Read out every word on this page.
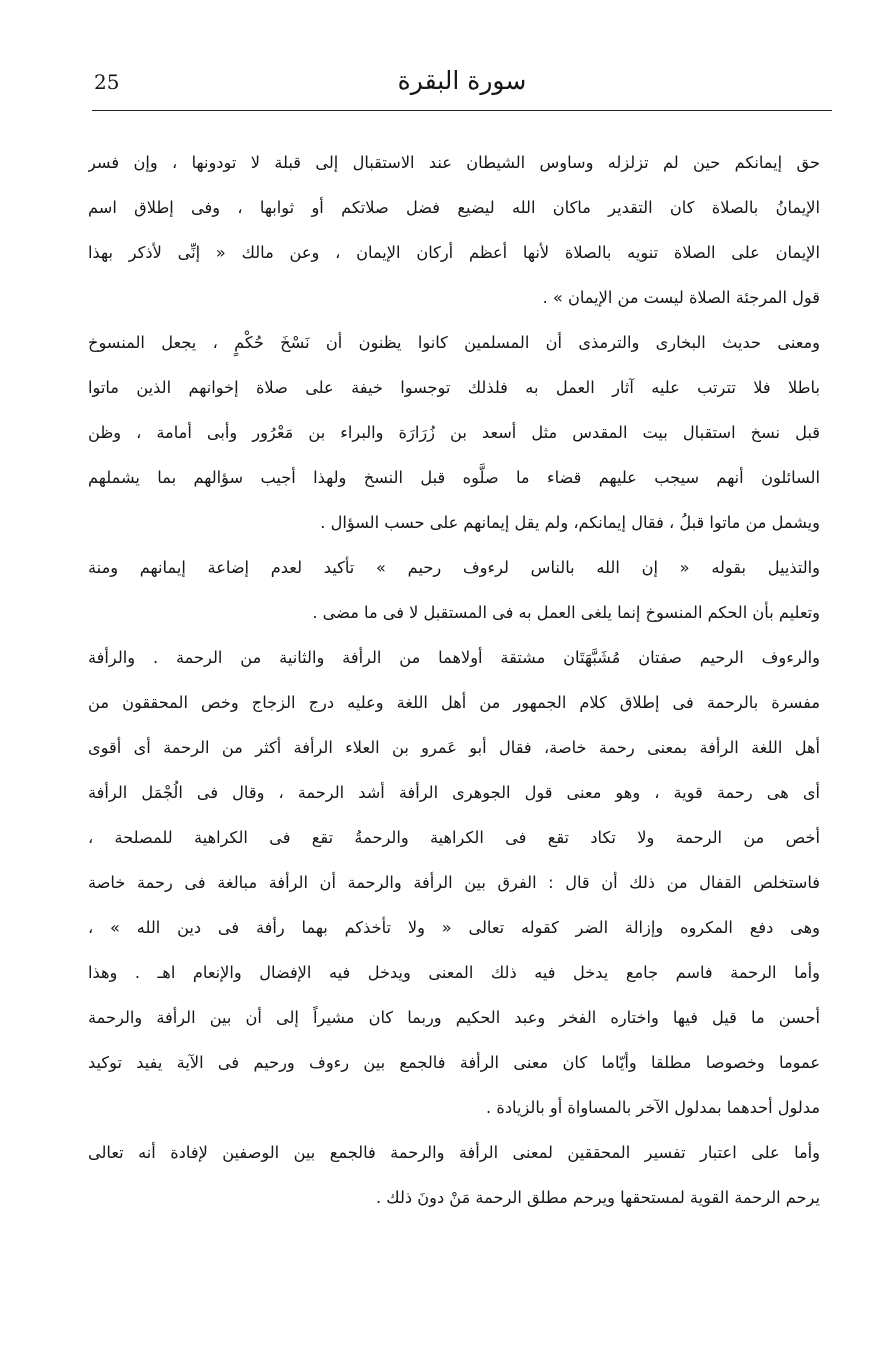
25	سورة البقرة
حق إيمانكم حين لم تزلزله وساوس الشيطان عند الاستقبال إلى قبلة لا تودونها ، وإن فسر
الإيمانُ بالصلاة كان التقدير ماكان الله ليضيع فضل صلاتكم أو ثوابها ، وفى إطلاق اسم
الإيمان على الصلاة تنويه بالصلاة لأنها أعظم أركان الإيمان ، وعن مالك « إنِّى لأذكر بهذا
قول المرجئة الصلاة ليست من الإيمان » .
ومعنى حديث البخارى والترمذى أن المسلمين كانوا يظنون أن نَسْخَ حُكْمٍ ، يجعل المنسوخ
باطلا فلا تترتب عليه آثار العمل به فلذلك توجسوا خيفة على صلاة إخوانهم الذين ماتوا
قبل نسخ استقبال بيت المقدس مثل أسعد بن زُرَارَة والبراء بن مَعْرُور وأبى أمامة ، وظن
السائلون أنهم سيجب عليهم قضاء ما صلَّوه قبل النسخ ولهذا أجيب سؤالهم بما يشملهم
ويشمل من ماتوا قبلُ ، فقال إيمانكم، ولم يقل إيمانهم على حسب السؤال .
والتذييل بقوله « إن الله بالناس لرءوف رحيم » تأكيد لعدم إضاعة إيمانهم ومنة
وتعليم بأن الحكم المنسوخ إنما يلغى العمل به فى المستقبل لا فى ما مضى .
والرءوف الرحيم صفتان مُشَبَّهَتَان مشتقة أولاهما من الرأفة والثانية من الرحمة . والرأفة
مفسرة بالرحمة فى إطلاق كلام الجمهور من أهل اللغة وعليه درج الزجاج وخص المحققون من
أهل اللغة الرأفة بمعنى رحمة خاصة، فقال أبو عَمرو بن العلاء الرأفة أكثر من الرحمة أى أقوى
أى هى رحمة قوية ، وهو معنى قول الجوهرى الرأفة أشد الرحمة ، وقال فى الُجْمَل الرأفة
أخص من الرحمة ولا تكاد تقع فى الكراهية والرحمةُ تقع فى الكراهية للمصلحة ،
فاستخلص القفال من ذلك أن قال : الفرق بين الرأفة والرحمة أن الرأفة مبالغة فى رحمة خاصة
وهى دفع المكروه وإزالة الضر كقوله تعالى « ولا تأخذكم بهما رأفة فى دين الله » ،
وأما الرحمة فاسم جامع يدخل فيه ذلك المعنى ويدخل فيه الإفضال والإنعام اهـ . وهذا
أحسن ما قيل فيها واختاره الفخر وعبد الحكيم وربما كان مشيراً إلى أن بين الرأفة والرحمة
عموما وخصوصا مطلقا وأيّاما كان معنى الرأفة فالجمع بين رءوف ورحيم فى الآية يفيد توكيد
مدلول أحدهما بمدلول الآخر بالمساواة أو بالزيادة .
وأما على اعتبار تفسير المحققين لمعنى الرأفة والرحمة فالجمع بين الوصفين لإفادة أنه تعالى
يرحم الرحمة القوية لمستحقها ويرحم مطلق الرحمة مَنْ دونَ ذلك .
